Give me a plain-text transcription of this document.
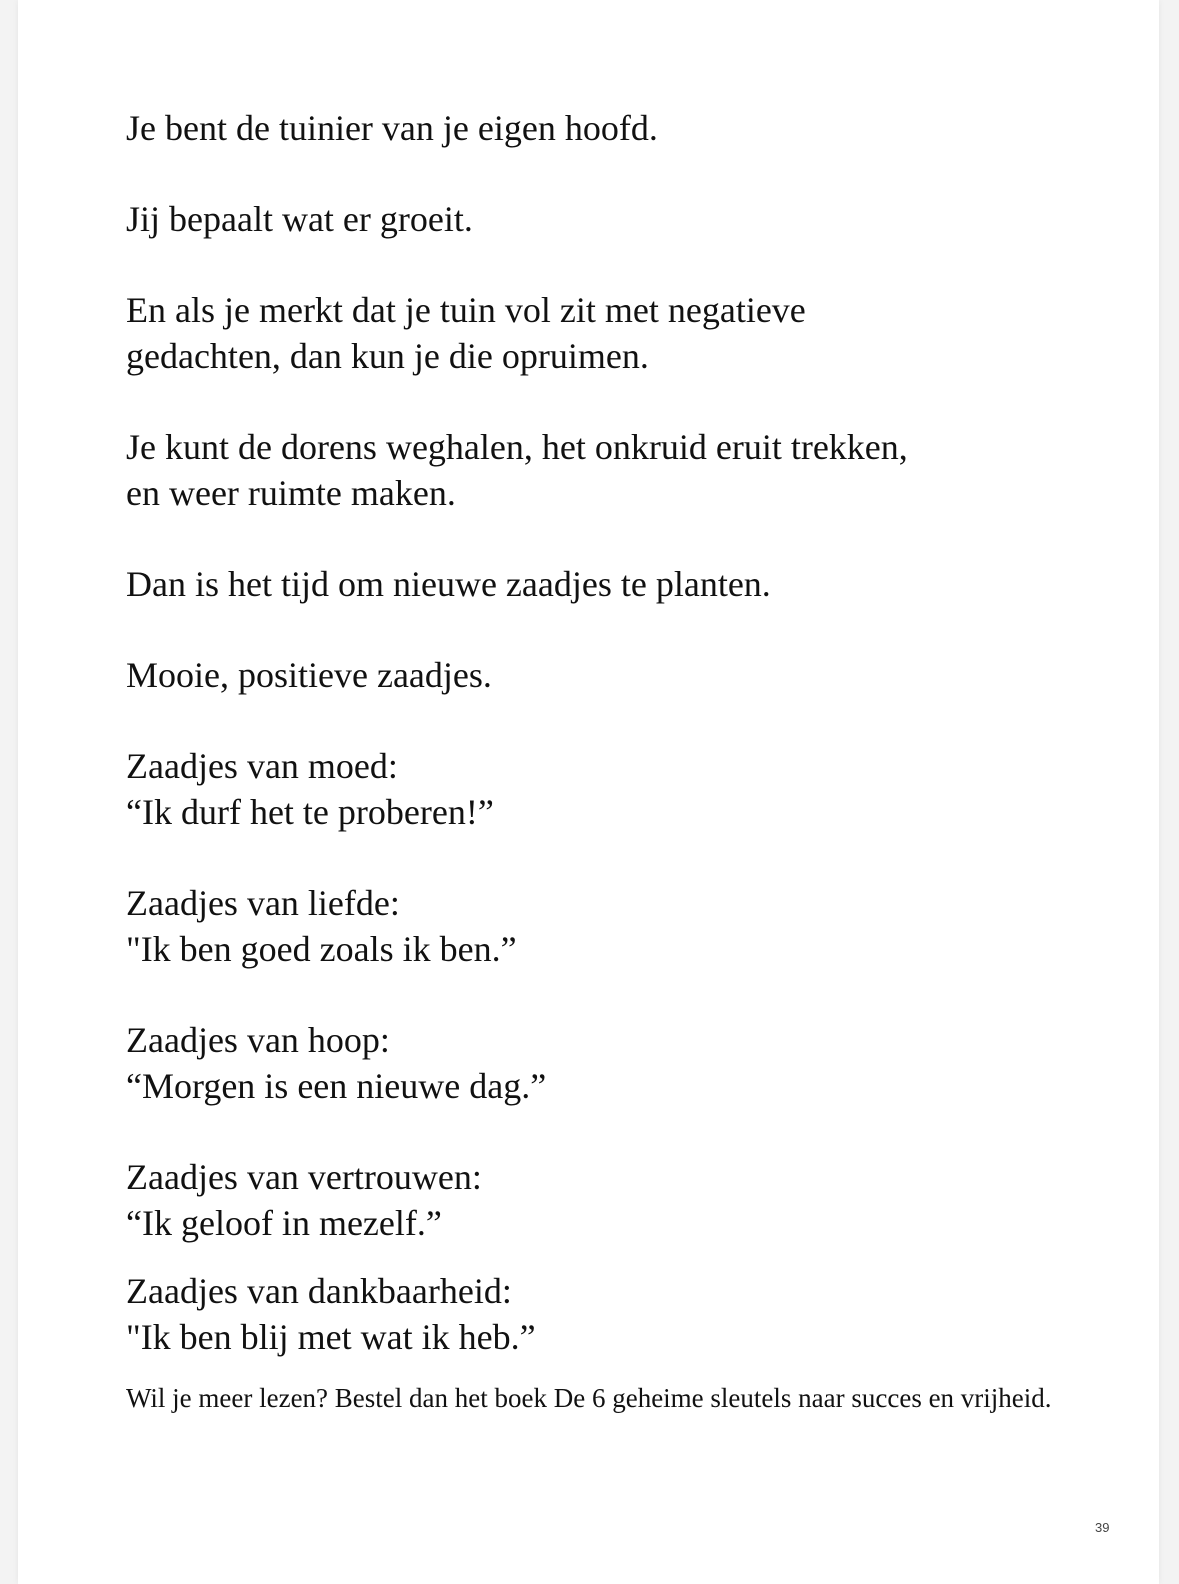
Je bent de tuinier van je eigen hoofd.
Jij bepaalt wat er groeit.
En als je merkt dat je tuin vol zit met negatieve
gedachten, dan kun je die opruimen.
Je kunt de dorens weghalen, het onkruid eruit trekken,
en weer ruimte maken.
Dan is het tijd om nieuwe zaadjes te planten.
Mooie, positieve zaadjes.
Zaadjes van moed:
“Ik durf het te proberen!”
Zaadjes van liefde:
"Ik ben goed zoals ik ben.”
Zaadjes van hoop:
“Morgen is een nieuwe dag.”
Zaadjes van vertrouwen:
“Ik geloof in mezelf.”
Zaadjes van dankbaarheid:
"Ik ben blij met wat ik heb.”
Wil je meer lezen? Bestel dan het boek De 6 geheime sleutels naar succes en vrijheid.
39
